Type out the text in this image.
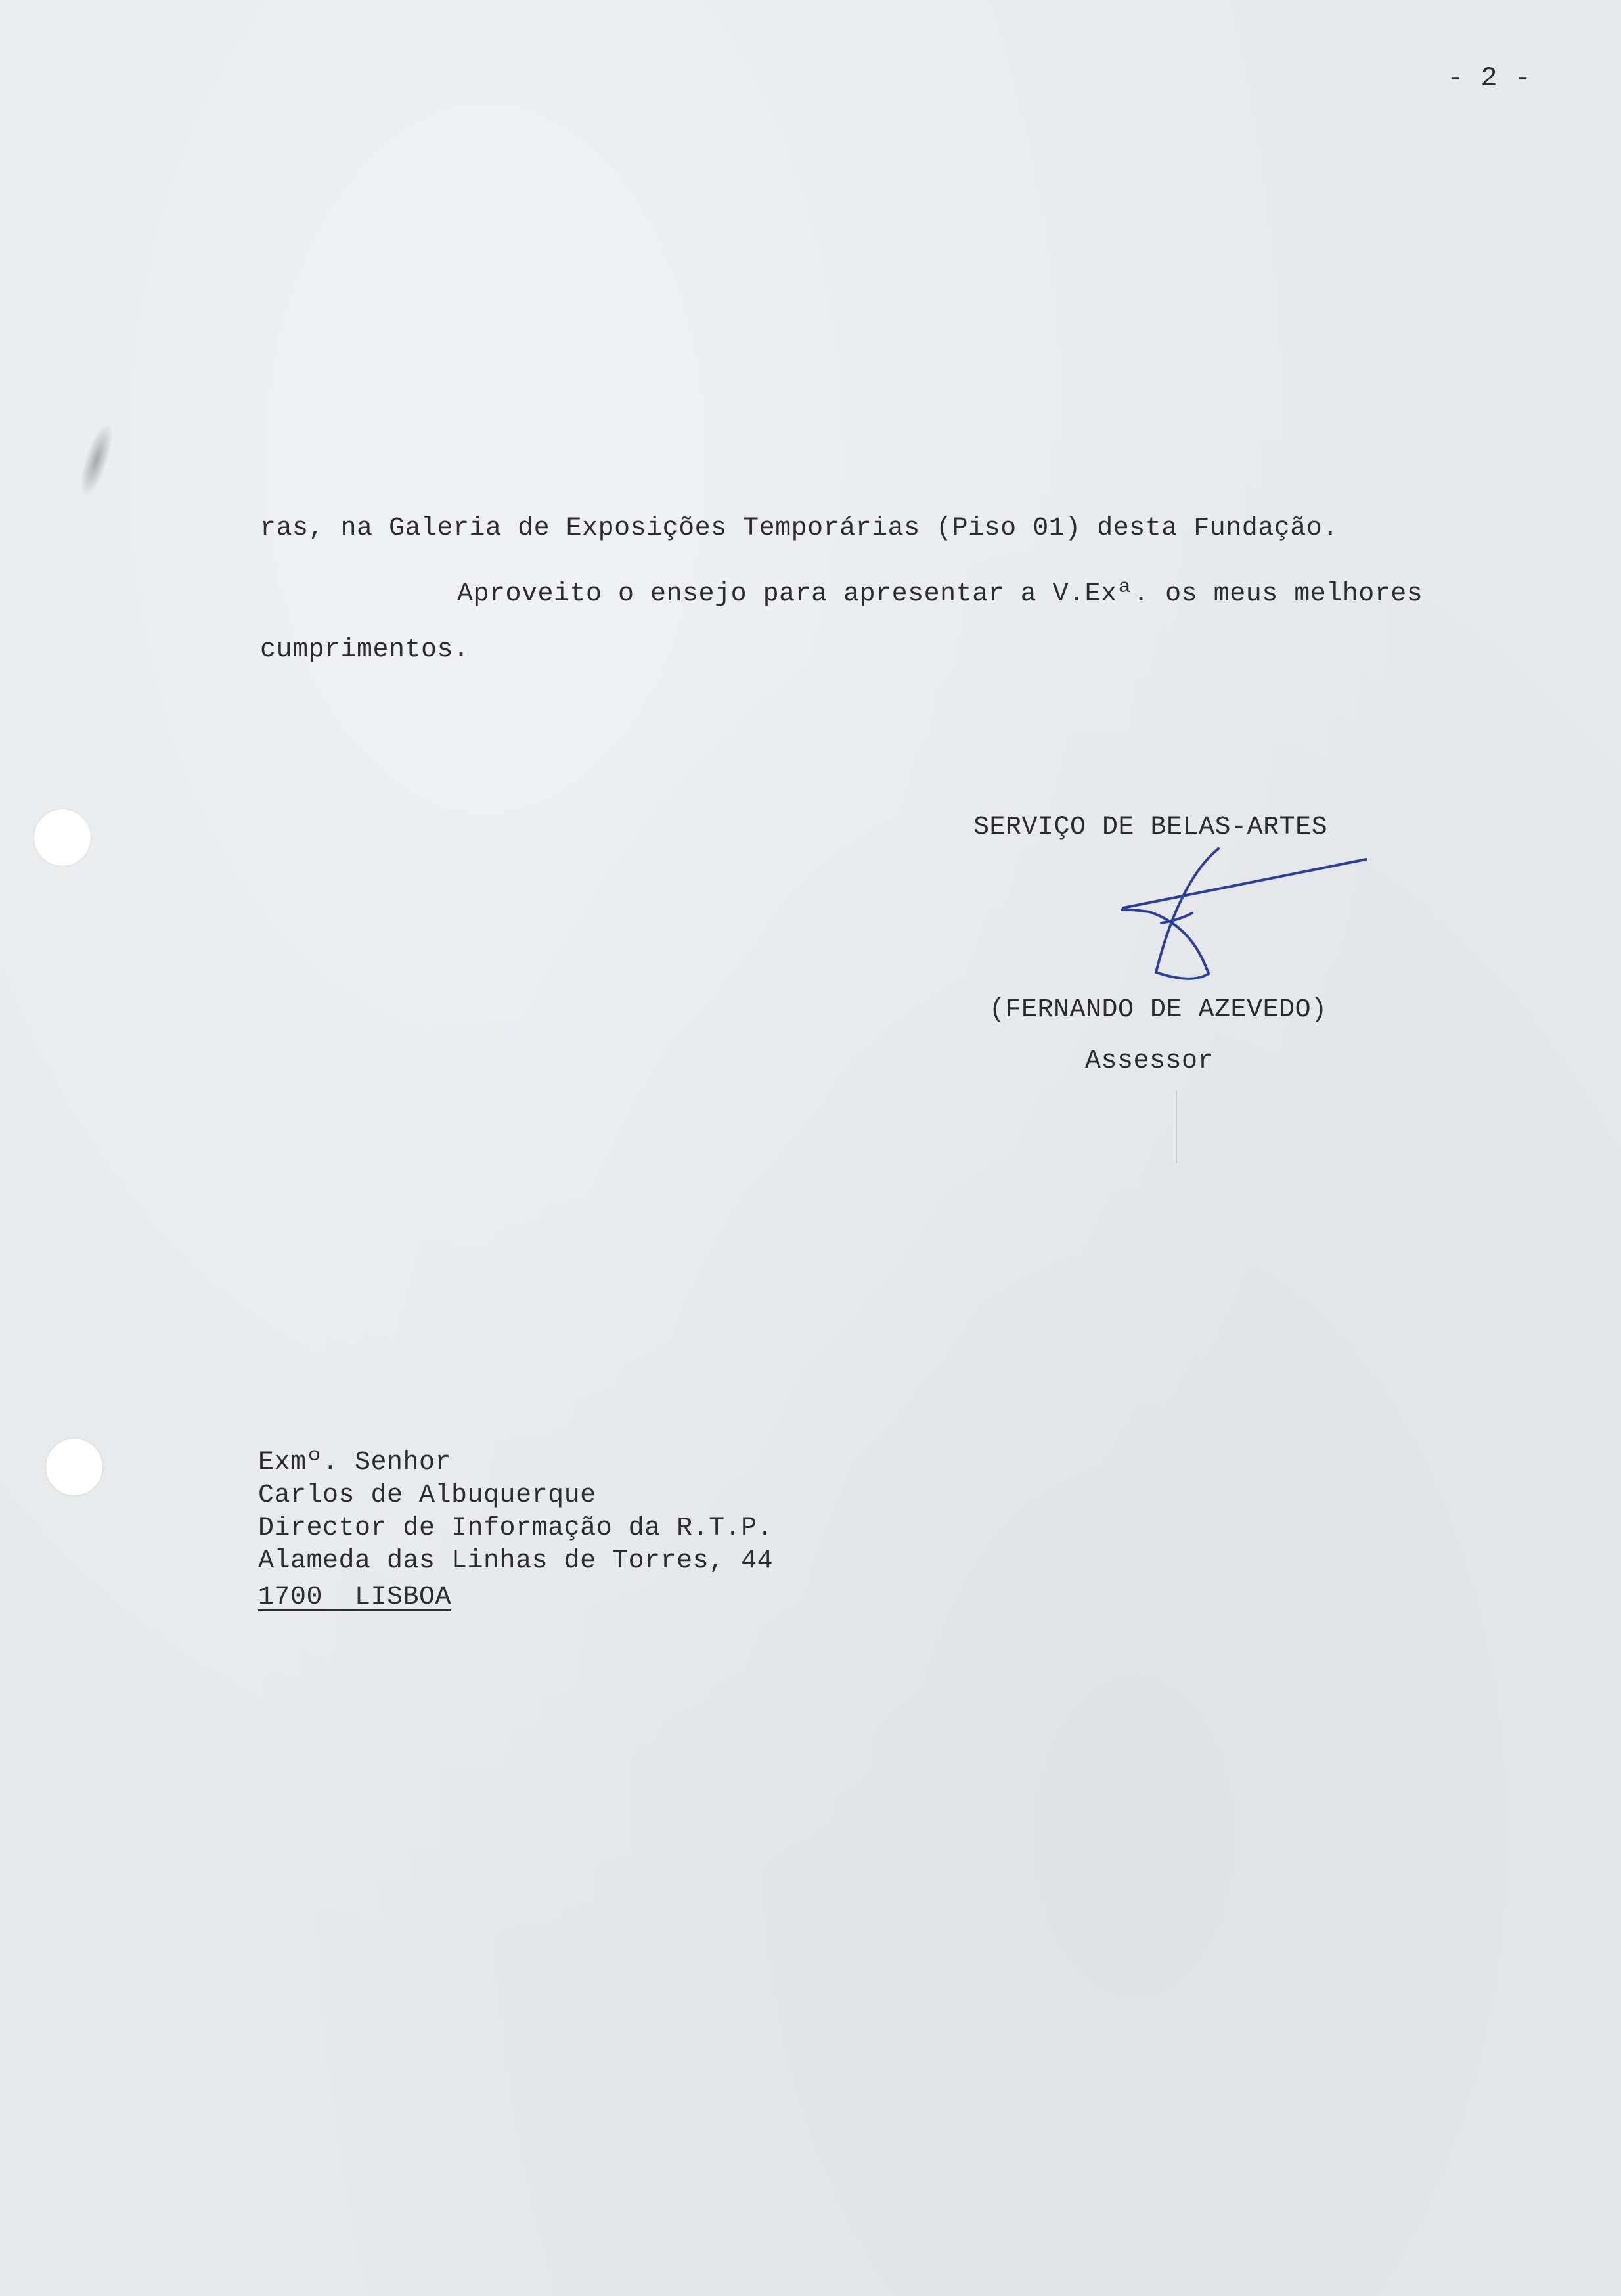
- 2 -
ras, na Galeria de Exposições Temporárias (Piso 01) desta Fundação.
Aproveito o ensejo para apresentar a V.Exª. os meus melhores
cumprimentos.
SERVIÇO DE BELAS-ARTES
(FERNANDO DE AZEVEDO)
Assessor
Exmº. Senhor
Carlos de Albuquerque
Director de Informação da R.T.P.
Alameda das Linhas de Torres, 44
1700  LISBOA
